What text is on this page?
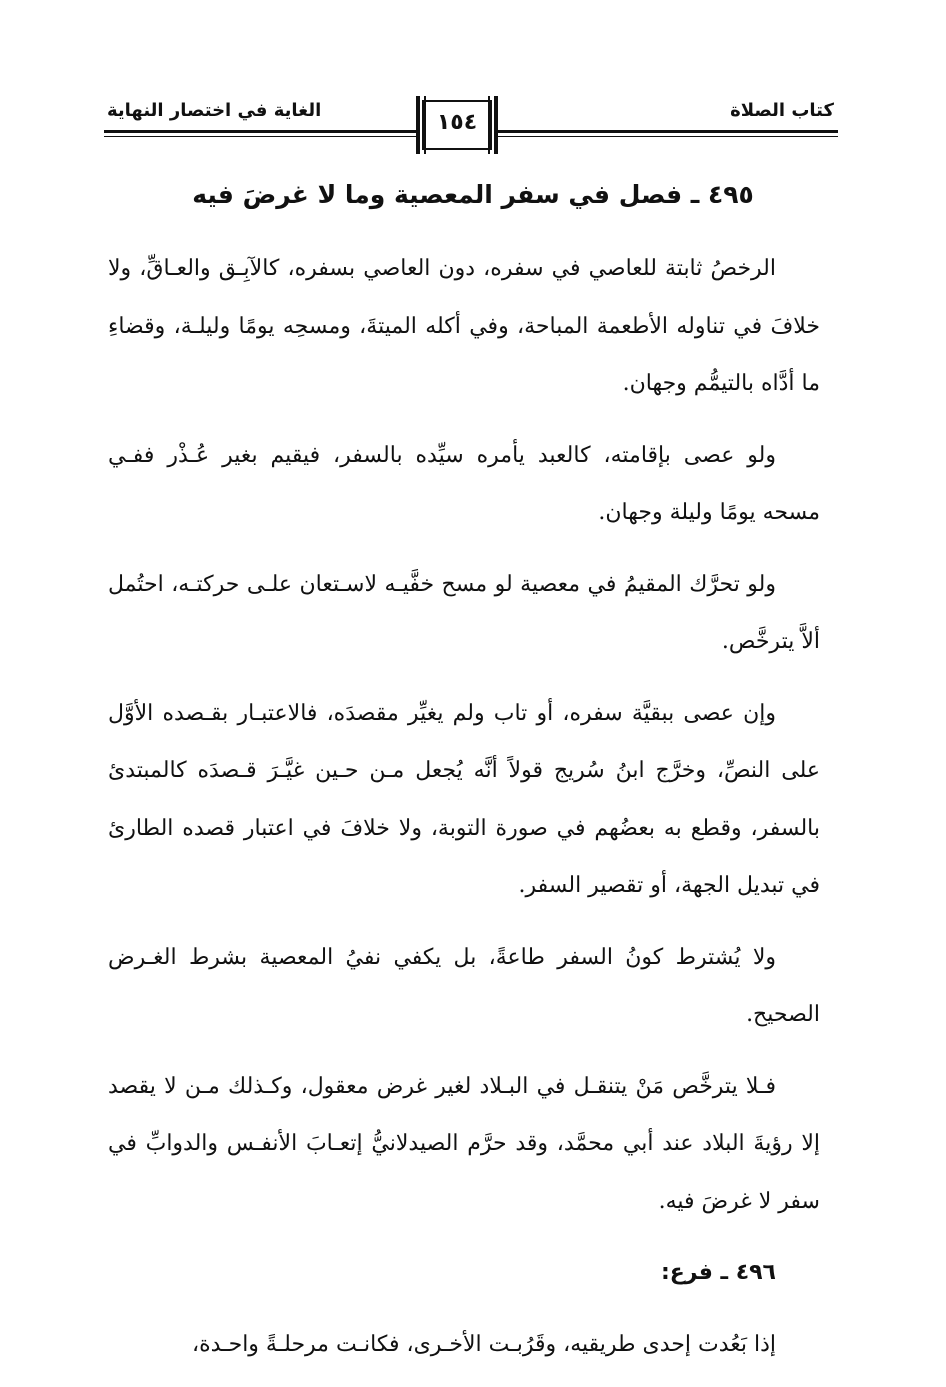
كتاب الصلاة
الغاية في اختصار النهاية	١٥٤
٤٩٥ ـ فصل في سفر المعصية وما لا غرضَ فيه

الرخصُ ثابتة للعاصي في سفره، دون العاصي بسفره، كالآبِـق والعـاقِّ، ولا خلافَ في تناوله الأطعمة المباحة، وفي أكله الميتةَ، ومسحِه يومًا وليلـة، وقضاءِ ما أدَّاه بالتيمُّم وجهان.

ولو عصى بإقامته، كالعبد يأمره سيِّده بالسفر، فيقيم بغير عُـذْر ففـي مسحه يومًا وليلة وجهان.

ولو تحرَّك المقيمُ في معصية لو مسح خفَّيـه لاسـتعان علـى حركتـه، احتُمل ألاَّ يترخَّص.

وإن عصى ببقيَّة سفره، أو تاب ولم يغيِّر مقصدَه، فالاعتبـار بقـصده الأوَّل على النصِّ، وخرَّج ابنُ سُريج قولاً أنَّه يُجعل مـن حـين غيَّـرَ قـصدَه كالمبتدئ بالسفر، وقطع به بعضُهم في صورة التوبة، ولا خلافَ في اعتبار قصده الطارئ في تبديل الجهة، أو تقصير السفر.

ولا يُشترط كونُ السفر طاعةً، بل يكفي نفيُ المعصية بشرط الغـرض الصحيح.

فـلا يترخَّص مَنْ يتنقـل في البـلاد لغير غرض معقول، وكـذلك مـن لا يقصد إلا رؤيةَ البلاد عند أبي محمَّد، وقد حرَّم الصيدلانيُّ إتعـابَ الأنفـس والدوابِّ في سفر لا غرضَ فيه.

٤٩٦ ـ فرع:

إذا بَعُدت إحدى طريقيه، وقَرُبـت الأخـرى، فكانـت مرحلـةً واحـدة،
